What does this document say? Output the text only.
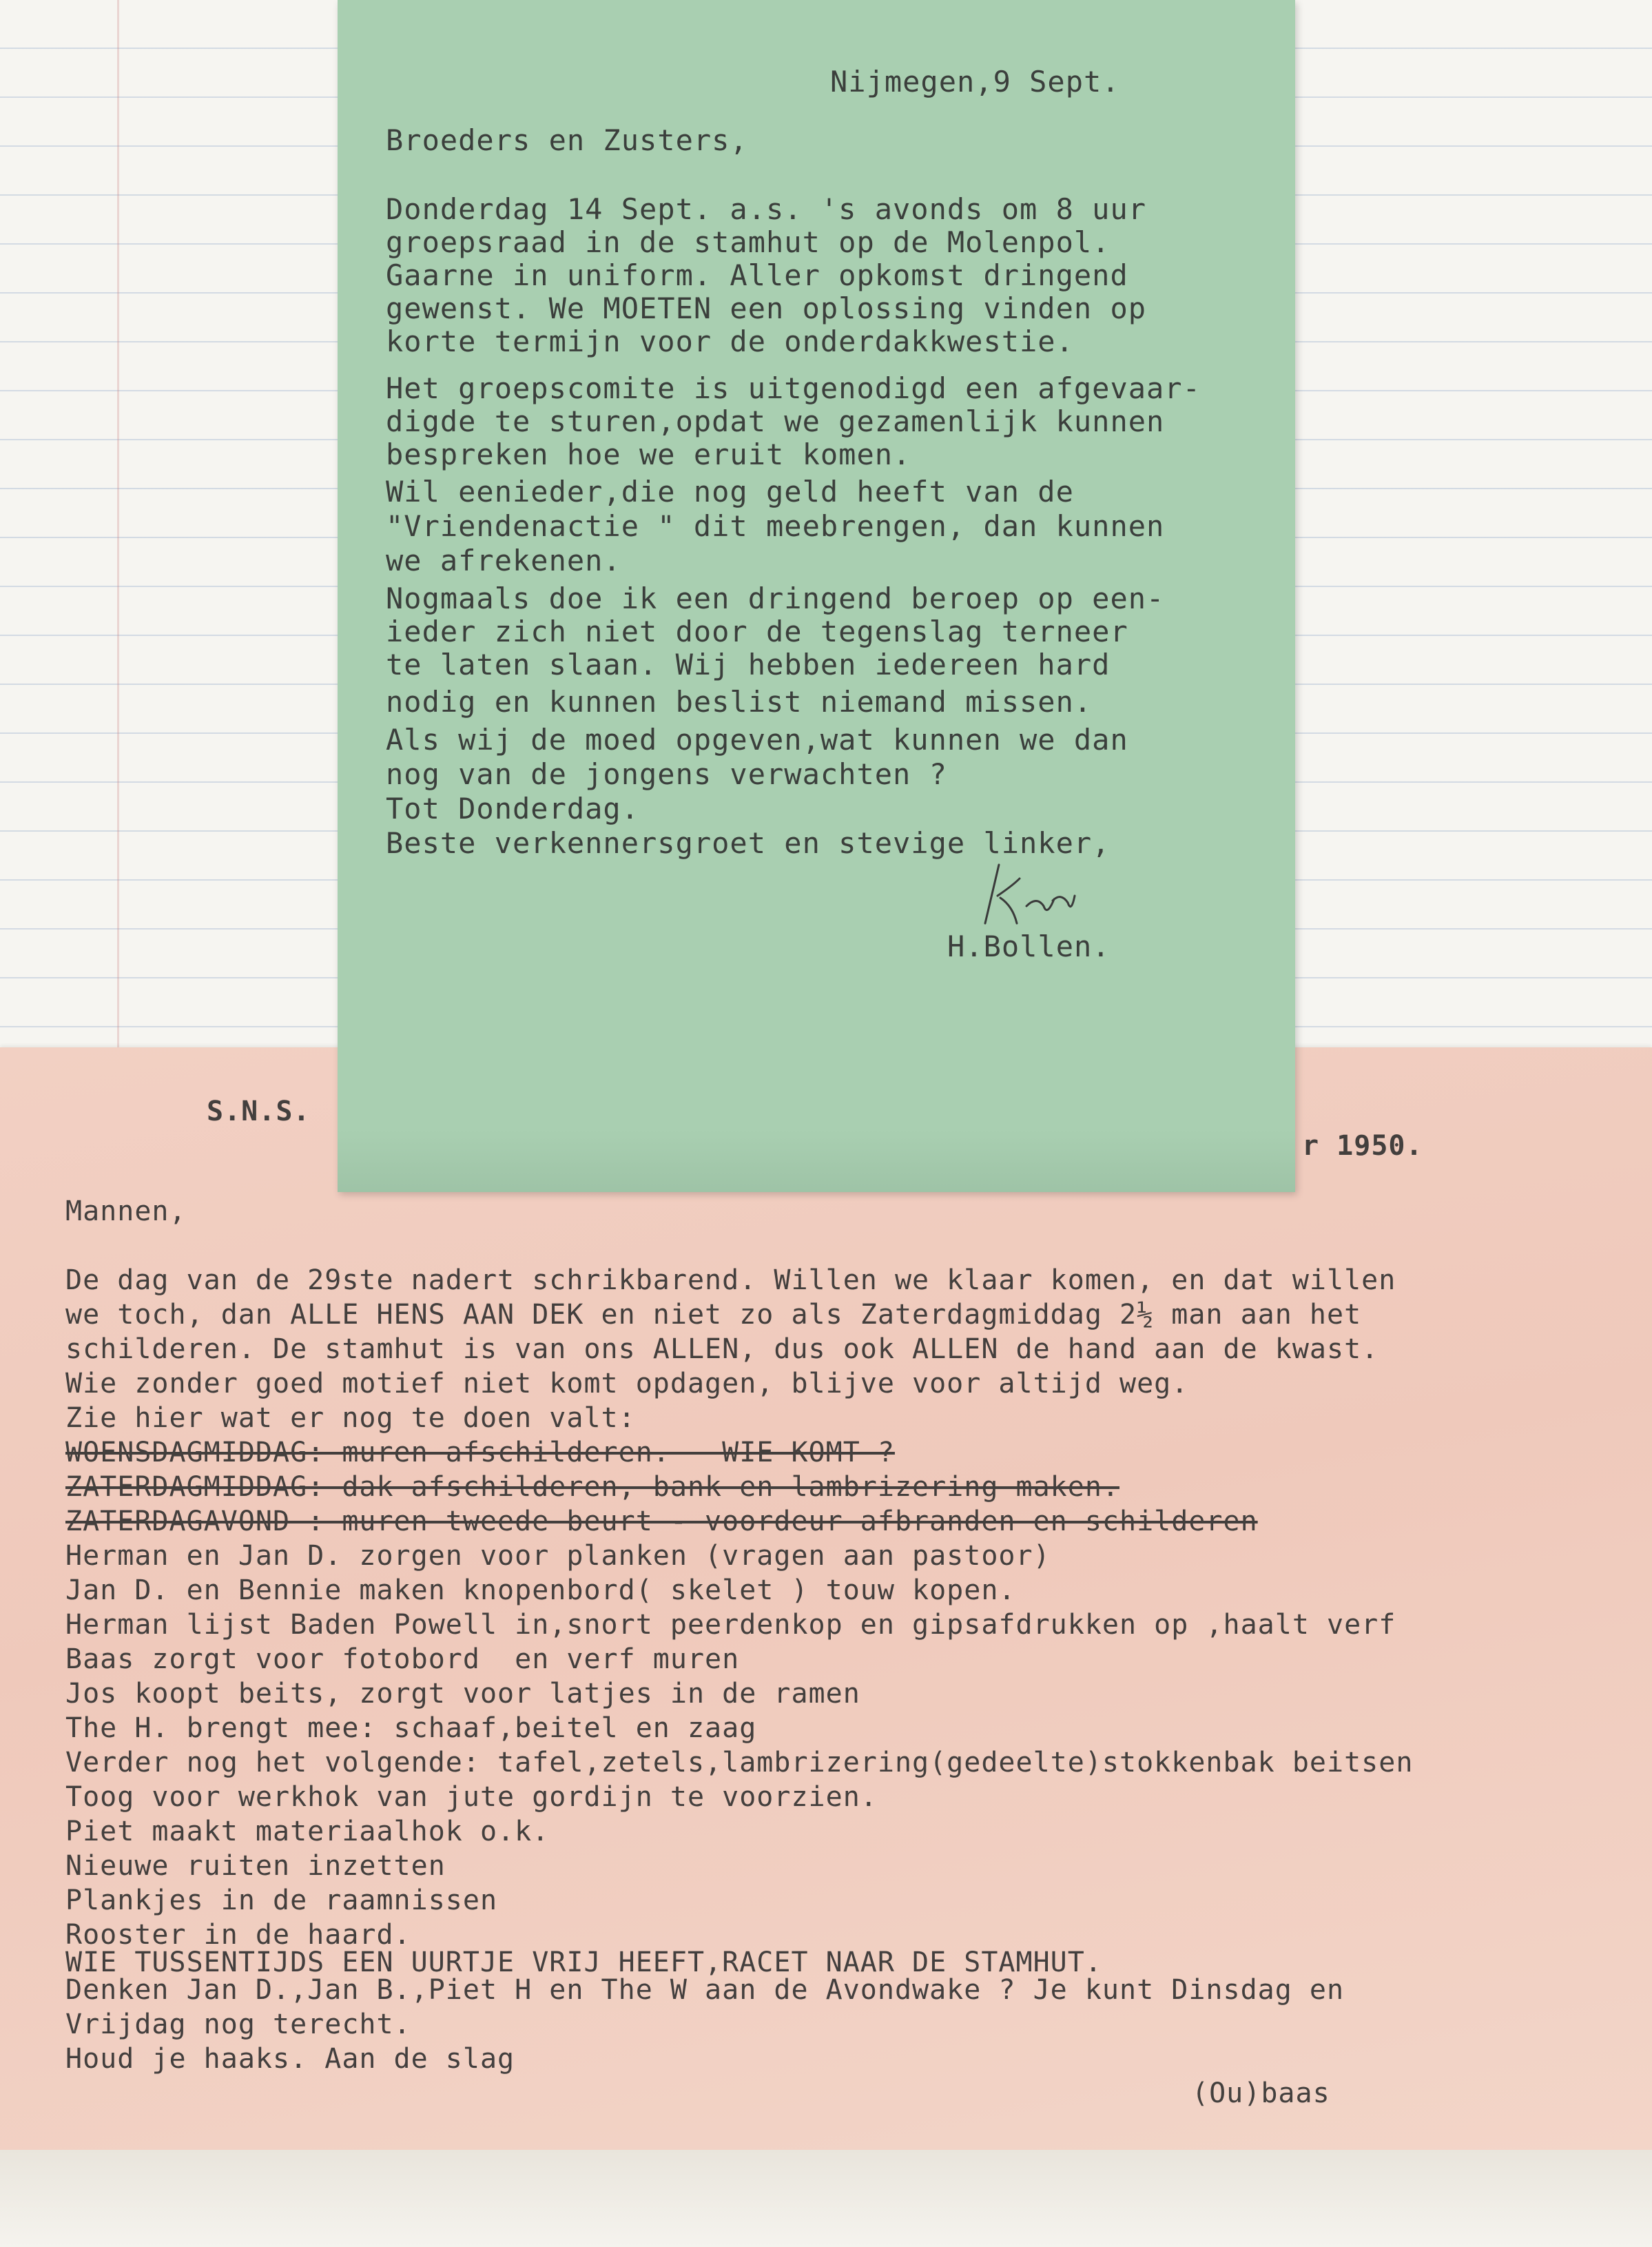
S.N.S.
r 1950.
Mannen,
De dag van de 29ste nadert schrikbarend. Willen we klaar komen, en dat willen
we toch, dan ALLE HENS AAN DEK en niet zo als Zaterdagmiddag 2½ man aan het
schilderen. De stamhut is van ons ALLEN, dus ook ALLEN de hand aan de kwast.
Wie zonder goed motief niet komt opdagen, blijve voor altijd weg.
Zie hier wat er nog te doen valt:
WOENSDAGMIDDAG: muren afschilderen.   WIE KOMT ?
ZATERDAGMIDDAG: dak afschilderen, bank en lambrizering maken.
ZATERDAGAVOND : muren tweede beurt - voordeur afbranden en schilderen
Herman en Jan D. zorgen voor planken (vragen aan pastoor)
Jan D. en Bennie maken knopenbord( skelet ) touw kopen.
Herman lijst Baden Powell in,snort peerdenkop en gipsafdrukken op ,haalt verf
Baas zorgt voor fotobord  en verf muren
Jos koopt beits, zorgt voor latjes in de ramen
The H. brengt mee: schaaf,beitel en zaag
Verder nog het volgende: tafel,zetels,lambrizering(gedeelte)stokkenbak beitsen
Toog voor werkhok van jute gordijn te voorzien.
Piet maakt materiaalhok o.k.
Nieuwe ruiten inzetten
Plankjes in de raamnissen
Rooster in de haard.
WIE TUSSENTIJDS EEN UURTJE VRIJ HEEFT,RACET NAAR DE STAMHUT.
Denken Jan D.,Jan B.,Piet H en The W aan de Avondwake ? Je kunt Dinsdag en
Vrijdag nog terecht.
Houd je haaks. Aan de slag
(Ou)baas
Nijmegen,9 Sept.
Broeders en Zusters,
Donderdag 14 Sept. a.s. 's avonds om 8 uur
groepsraad in de stamhut op de Molenpol.
Gaarne in uniform. Aller opkomst dringend
gewenst. We MOETEN een oplossing vinden op
korte termijn voor de onderdakkwestie.
Het groepscomite is uitgenodigd een afgevaar-
digde te sturen,opdat we gezamenlijk kunnen
bespreken hoe we eruit komen.
Wil eenieder,die nog geld heeft van de
"Vriendenactie " dit meebrengen, dan kunnen
we afrekenen.
Nogmaals doe ik een dringend beroep op een-
ieder zich niet door de tegenslag terneer
te laten slaan. Wij hebben iedereen hard
nodig en kunnen beslist niemand missen.
Als wij de moed opgeven,wat kunnen we dan
nog van de jongens verwachten ?
Tot Donderdag.
Beste verkennersgroet en stevige linker,
H.Bollen.
